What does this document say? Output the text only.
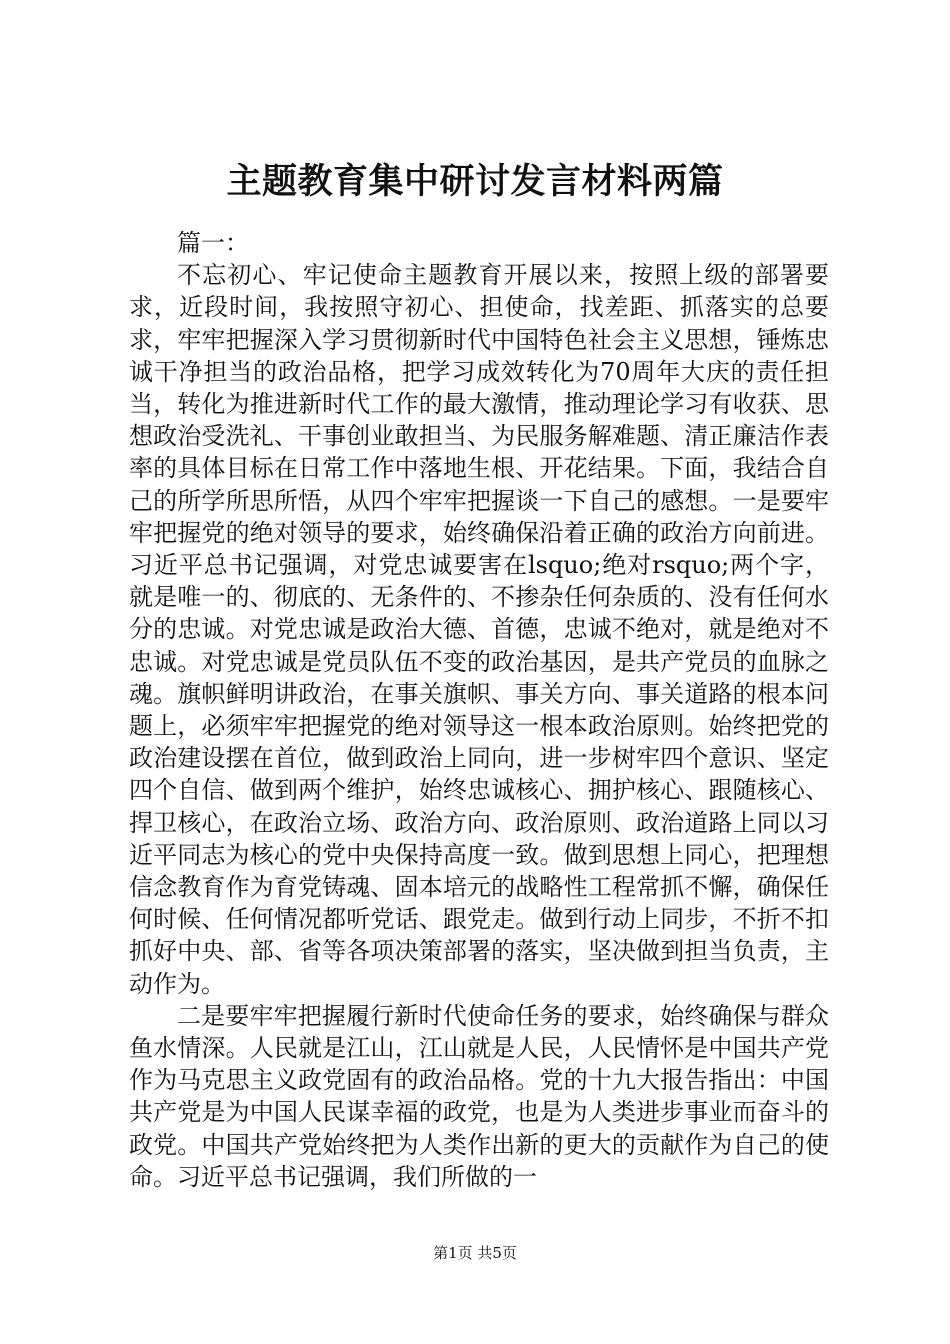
主题教育集中研讨发言材料两篇

篇一：

不忘初心、牢记使命主题教育开展以来，按照上级的部署要求，近段时间，我按照守初心、担使命，找差距、抓落实的总要求，牢牢把握深入学习贯彻新时代中国特色社会主义思想，锤炼忠诚干净担当的政治品格，把学习成效转化为70周年大庆的责任担当，转化为推进新时代工作的最大激情，推动理论学习有收获、思想政治受洗礼、干事创业敢担当、为民服务解难题、清正廉洁作表率的具体目标在日常工作中落地生根、开花结果。下面，我结合自己的所学所思所悟，从四个牢牢把握谈一下自己的感想。一是要牢牢把握党的绝对领导的要求，始终确保沿着正确的政治方向前进。习近平总书记强调，对党忠诚要害在lsquo;绝对rsquo;两个字，就是唯一的、彻底的、无条件的、不掺杂任何杂质的、没有任何水分的忠诚。对党忠诚是政治大德、首德，忠诚不绝对，就是绝对不忠诚。对党忠诚是党员队伍不变的政治基因，是共产党员的血脉之魂。旗帜鲜明讲政治，在事关旗帜、事关方向、事关道路的根本问题上，必须牢牢把握党的绝对领导这一根本政治原则。始终把党的政治建设摆在首位，做到政治上同向，进一步树牢四个意识、坚定四个自信、做到两个维护，始终忠诚核心、拥护核心、跟随核心、捍卫核心，在政治立场、政治方向、政治原则、政治道路上同以习近平同志为核心的党中央保持高度一致。做到思想上同心，把理想信念教育作为育党铸魂、固本培元的战略性工程常抓不懈，确保任何时候、任何情况都听党话、跟党走。做到行动上同步，不折不扣抓好中央、部、省等各项决策部署的落实，坚决做到担当负责，主动作为。

二是要牢牢把握履行新时代使命任务的要求，始终确保与群众鱼水情深。人民就是江山，江山就是人民，人民情怀是中国共产党作为马克思主义政党固有的政治品格。党的十九大报告指出：中国共产党是为中国人民谋幸福的政党，也是为人类进步事业而奋斗的政党。中国共产党始终把为人类作出新的更大的贡献作为自己的使命。习近平总书记强调，我们所做的一

第1页 共5页
